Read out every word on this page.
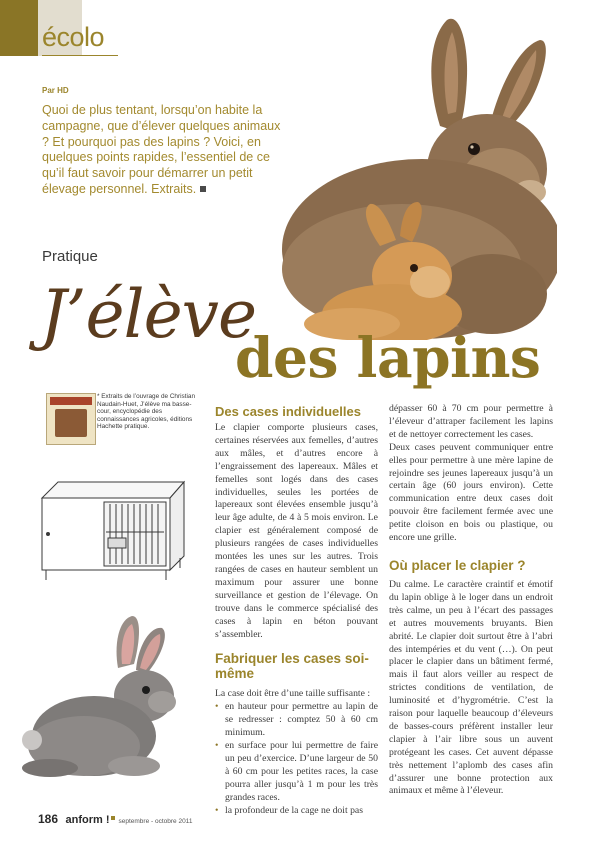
écolo
Par HD
Quoi de plus tentant, lorsqu’on habite la campagne, que d’élever quelques animaux ? Et pourquoi pas des lapins ? Voici, en quelques points rapides, l’essentiel de ce qu’il faut savoir pour démarrer un petit élevage personnel. Extraits.
Pratique
J’élève
des lapins
* Extraits de l’ouvrage de Christian Naudain-Huet, J’élève ma basse-cour, encyclopédie des connaissances agricoles, éditions Hachette pratique.
Des cases individuelles

Le clapier comporte plusieurs cases, certaines réservées aux femelles, d’autres aux mâles, et d’autres encore à l’engraissement des lapereaux. Mâles et femelles sont logés dans des cases individuelles, seules les portées de lapereaux sont élevées ensemble jusqu’à leur âge adulte, de 4 à 5 mois environ. Le clapier est généralement composé de plusieurs rangées de cases individuelles montées les unes sur les autres. Trois rangées de cases en hauteur semblent un maximum pour assurer une bonne surveillance et gestion de l’élevage. On trouve dans le commerce spécialisé des cases à lapin en béton pouvant s’assembler.

Fabriquer les cases soi-même

La case doit être d’une taille suffisante :

• en hauteur pour permettre au lapin de se redresser : comptez 50 à 60 cm minimum.
• en surface pour lui permettre de faire un peu d’exercice. D’une largeur de 50 à 60 cm pour les petites races, la case pourra aller jusqu’à 1 m pour les très grandes races.
• la profondeur de la cage ne doit pas

dépasser 60 à 70 cm pour permettre à l’éleveur d’attraper facilement les lapins et de nettoyer correctement les cases.

Deux cases peuvent communiquer entre elles pour permettre à une mère lapine de rejoindre ses jeunes lapereaux jusqu’à un certain âge (60 jours environ). Cette communication entre deux cases doit pouvoir être facilement fermée avec une petite cloison en bois ou plastique, ou encore une grille.

Où placer le clapier ?

Du calme. Le caractère craintif et émotif du lapin oblige à le loger dans un endroit très calme, un peu à l’écart des passages et autres mouvements bruyants. Bien abrité. Le clapier doit surtout être à l’abri des intempéries et du vent (…). On peut placer le clapier dans un bâtiment fermé, mais il faut alors veiller au respect de strictes conditions de ventilation, de luminosité et d’hygrométrie. C’est la raison pour laquelle beaucoup d’éleveurs de basses-cours préfèrent installer leur clapier à l’air libre sous un auvent protégeant les cases. Cet auvent dépasse très nettement l’aplomb des cases afin d’assurer une bonne protection aux animaux et même à l’éleveur.

186 anform ! septembre - octobre 2011
